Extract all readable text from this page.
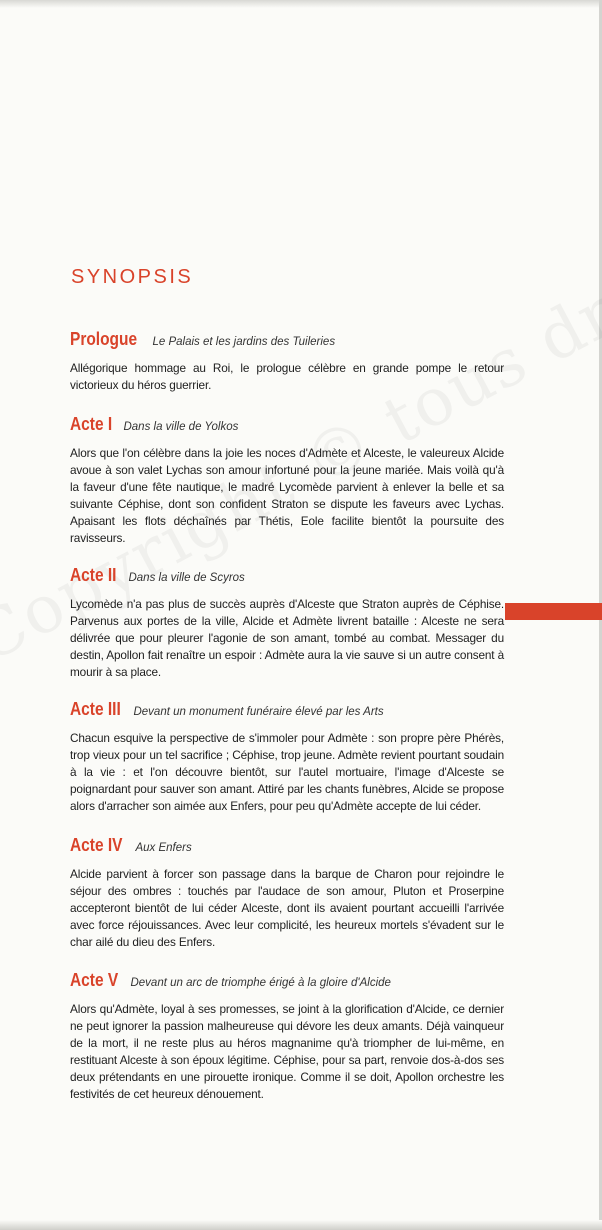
SYNOPSIS
Prologue Le Palais et les jardins des Tuileries

Allégorique hommage au Roi, le prologue célèbre en grande pompe le retour victorieux du héros guerrier.

Acte I Dans la ville de Yolkos

Alors que l'on célèbre dans la joie les noces d'Admète et Alceste, le valeureux Alcide avoue à son valet Lychas son amour infortuné pour la jeune mariée. Mais voilà qu'à la faveur d'une fête nautique, le madré Lycomède parvient à enlever la belle et sa suivante Céphise, dont son confident Straton se dispute les faveurs avec Lychas. Apaisant les flots déchaînés par Thétis, Eole facilite bientôt la poursuite des ravisseurs.

Acte II Dans la ville de Scyros

Lycomède n'a pas plus de succès auprès d'Alceste que Straton auprès de Céphise. Parvenus aux portes de la ville, Alcide et Admète livrent bataille : Alceste ne sera délivrée que pour pleurer l'agonie de son amant, tombé au combat. Messager du destin, Apollon fait renaître un espoir : Admète aura la vie sauve si un autre consent à mourir à sa place.

Acte III Devant un monument funéraire élevé par les Arts

Chacun esquive la perspective de s'immoler pour Admète : son propre père Phérès, trop vieux pour un tel sacrifice ; Céphise, trop jeune. Admète revient pourtant soudain à la vie : et l'on découvre bientôt, sur l'autel mortuaire, l'image d'Alceste se poignardant pour sauver son amant. Attiré par les chants funèbres, Alcide se propose alors d'arracher son aimée aux Enfers, pour peu qu'Admète accepte de lui céder.

Acte IV Aux Enfers

Alcide parvient à forcer son passage dans la barque de Charon pour rejoindre le séjour des ombres : touchés par l'audace de son amour, Pluton et Proserpine accepteront bientôt de lui céder Alceste, dont ils avaient pourtant accueilli l'arrivée avec force réjouissances. Avec leur complicité, les heureux mortels s'évadent sur le char ailé du dieu des Enfers.

Acte V Devant un arc de triomphe érigé à la gloire d'Alcide

Alors qu'Admète, loyal à ses promesses, se joint à la glorification d'Alcide, ce dernier ne peut ignorer la passion malheureuse qui dévore les deux amants. Déjà vainqueur de la mort, il ne reste plus au héros magnanime qu'à triompher de lui-même, en restituant Alceste à son époux légitime. Céphise, pour sa part, renvoie dos-à-dos ses deux prétendants en une pirouette ironique. Comme il se doit, Apollon orchestre les festivités de cet heureux dénouement.
